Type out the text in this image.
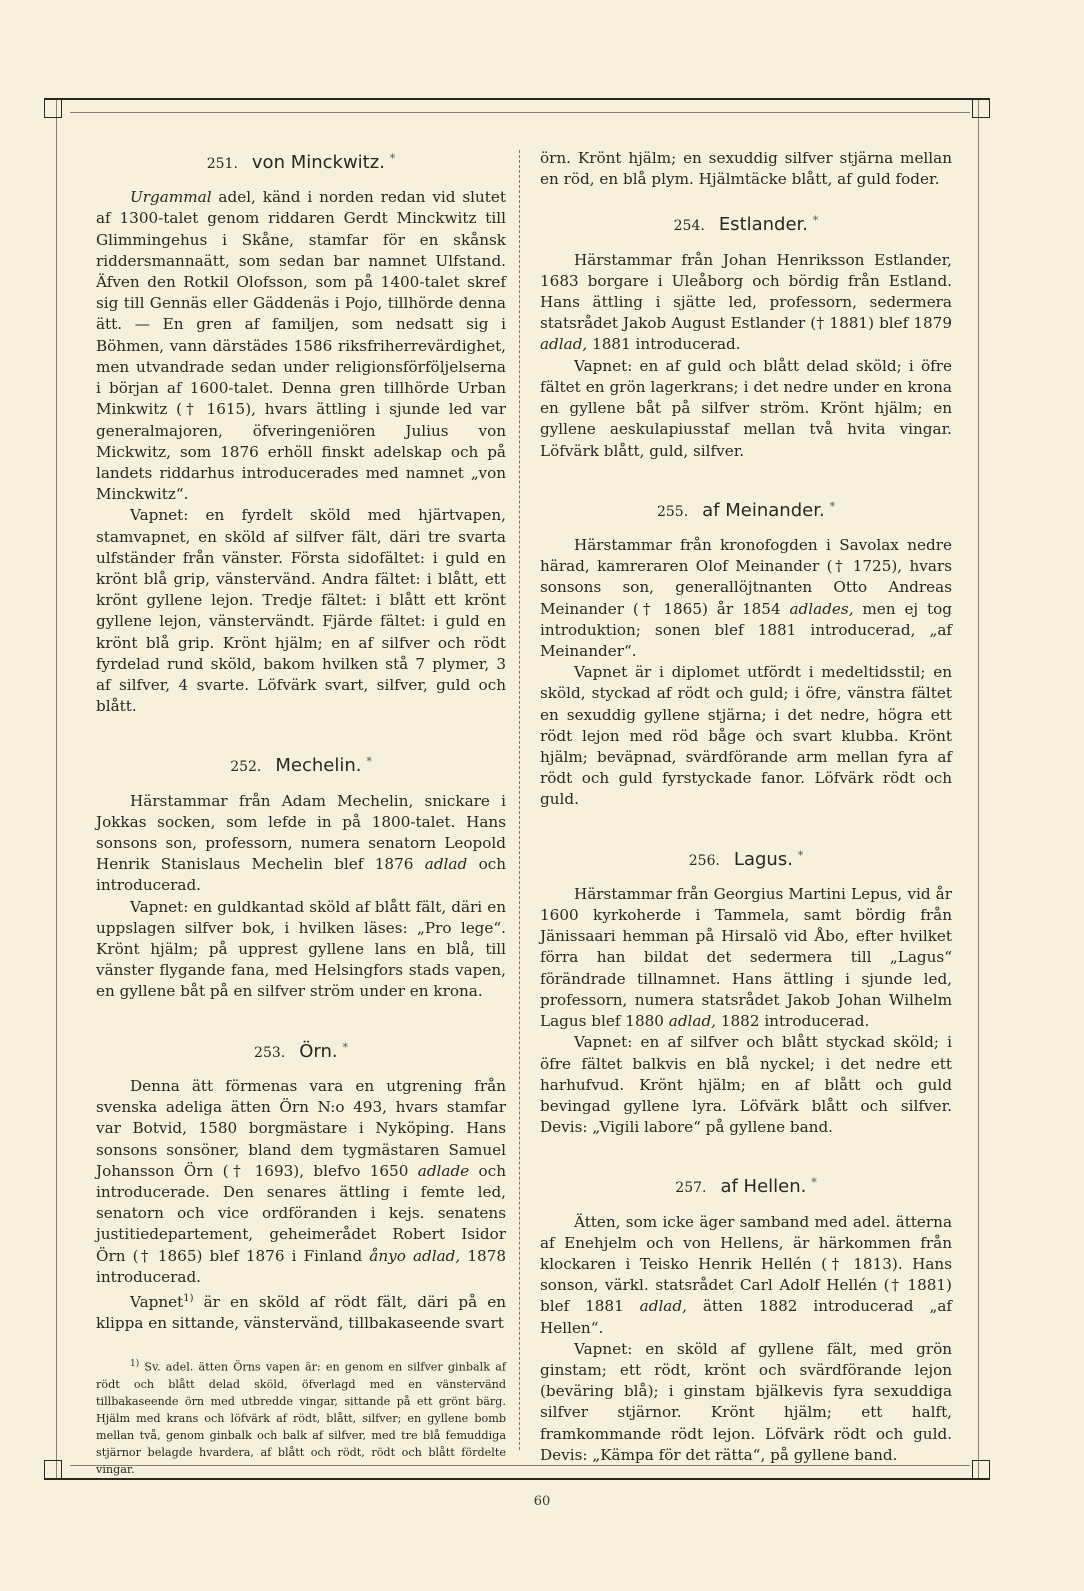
251. von Minckwitz. *

Urgammal adel, känd i norden redan vid slutet af 1300-talet genom riddaren Gerdt Minckwitz till Glimmingehus i Skåne, stamfar för en skånsk riddersmannaätt, som sedan bar namnet Ulfstand. Äfven den Rotkil Olofsson, som på 1400-talet skref sig till Gennäs eller Gäddenäs i Pojo, tillhörde denna ätt. — En gren af familjen, som nedsatt sig i Böhmen, vann därstädes 1586 riksfriherrevärdighet, men utvandrade sedan under religionsförföljelserna i början af 1600-talet. Denna gren tillhörde Urban Minkwitz († 1615), hvars ättling i sjunde led var generalmajoren, öfveringeniören Julius von Mickwitz, som 1876 erhöll finskt adelskap och på landets riddarhus introducerades med namnet „von Minckwitz“.

Vapnet: en fyrdelt sköld med hjärtvapen, stamvapnet, en sköld af silfver fält, däri tre svarta ulfständer från vänster. Första sidofältet: i guld en krönt blå grip, vänstervänd. Andra fältet: i blått, ett krönt gyllene lejon. Tredje fältet: i blått ett krönt gyllene lejon, vänstervändt. Fjärde fältet: i guld en krönt blå grip. Krönt hjälm; en af silfver och rödt fyrdelad rund sköld, bakom hvilken stå 7 plymer, 3 af silfver, 4 svarte. Löfvärk svart, silfver, guld och blått.

252. Mechelin. *

Härstammar från Adam Mechelin, snickare i Jokkas socken, som lefde in på 1800-talet. Hans sonsons son, professorn, numera senatorn Leopold Henrik Stanislaus Mechelin blef 1876 adlad och introducerad.

Vapnet: en guldkantad sköld af blått fält, däri en uppslagen silfver bok, i hvilken läses: „Pro lege“. Krönt hjälm; på upprest gyllene lans en blå, till vänster flygande fana, med Helsingfors stads vapen, en gyllene båt på en silfver ström under en krona.

253. Örn. *

Denna ätt förmenas vara en utgrening från svenska adeliga ätten Örn N:o 493, hvars stamfar var Botvid, 1580 borgmästare i Nyköping. Hans sonsons sonsöner, bland dem tygmästaren Samuel Johansson Örn († 1693), blefvo 1650 adlade och introducerade. Den senares ättling i femte led, senatorn och vice ordföranden i kejs. senatens justitiedepartement, geheimerådet Robert Isidor Örn († 1865) blef 1876 i Finland ånyo adlad, 1878 introducerad.

Vapnet$^{1)}$ är en sköld af rödt fält, däri på en klippa en sittande, vänstervänd, tillbakaseende svart

$^{1)}$ Sv. adel. ätten Örns vapen är: en genom en silfver ginbalk af rödt och blått delad sköld, öfverlagd med en vänstervänd tillbakaseende örn med utbredde vingar, sittande på ett grönt bärg. Hjälm med krans och löfvärk af rödt, blått, silfver; en gyllene bomb mellan två, genom ginbalk och balk af silfver, med tre blå femuddiga stjärnor belagde hvardera, af blått och rödt, rödt och blått fördelte vingar.

örn. Krönt hjälm; en sexuddig silfver stjärna mellan en röd, en blå plym. Hjälmtäcke blått, af guld foder.

254. Estlander. *

Härstammar från Johan Henriksson Estlander, 1683 borgare i Uleåborg och bördig från Estland. Hans ättling i sjätte led, professorn, sedermera statsrådet Jakob August Estlander († 1881) blef 1879 adlad, 1881 introducerad.

Vapnet: en af guld och blått delad sköld; i öfre fältet en grön lagerkrans; i det nedre under en krona en gyllene båt på silfver ström. Krönt hjälm; en gyllene aeskulapiusstaf mellan två hvita vingar. Löfvärk blått, guld, silfver.

255. af Meinander. *

Härstammar från kronofogden i Savolax nedre härad, kamreraren Olof Meinander († 1725), hvars sonsons son, generallöjtnanten Otto Andreas Meinander († 1865) år 1854 adlades, men ej tog introduktion; sonen blef 1881 introducerad, „af Meinander“.

Vapnet är i diplomet utfördt i medeltidsstil; en sköld, styckad af rödt och guld; i öfre, vänstra fältet en sexuddig gyllene stjärna; i det nedre, högra ett rödt lejon med röd båge och svart klubba. Krönt hjälm; beväpnad, svärdförande arm mellan fyra af rödt och guld fyrstyckade fanor. Löfvärk rödt och guld.

256. Lagus. *

Härstammar från Georgius Martini Lepus, vid år 1600 kyrkoherde i Tammela, samt bördig från Jänissaari hemman på Hirsalö vid Åbo, efter hvilket förra han bildat det sedermera till „Lagus“ förändrade tillnamnet. Hans ättling i sjunde led, professorn, numera statsrådet Jakob Johan Wilhelm Lagus blef 1880 adlad, 1882 introducerad.

Vapnet: en af silfver och blått styckad sköld; i öfre fältet balkvis en blå nyckel; i det nedre ett harhufvud. Krönt hjälm; en af blått och guld bevingad gyllene lyra. Löfvärk blått och silfver. Devis: „Vigili labore“ på gyllene band.

257. af Hellen. *

Ätten, som icke äger samband med adel. ätterna af Enehjelm och von Hellens, är härkommen från klockaren i Teisko Henrik Hellén († 1813). Hans sonson, värkl. statsrådet Carl Adolf Hellén († 1881) blef 1881 adlad, ätten 1882 introducerad „af Hellen“.

Vapnet: en sköld af gyllene fält, med grön ginstam; ett rödt, krönt och svärdförande lejon (beväring blå); i ginstam bjälkevis fyra sexuddiga silfver stjärnor. Krönt hjälm; ett halft, framkommande rödt lejon. Löfvärk rödt och guld. Devis: „Kämpa för det rätta“, på gyllene band.

60
